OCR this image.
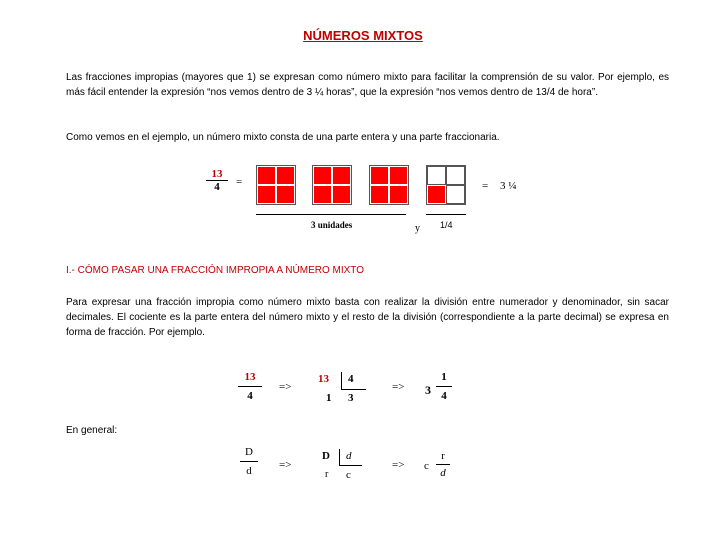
NÚMEROS MIXTOS
Las fracciones impropias (mayores que 1) se expresan como número mixto para facilitar la comprensión de su valor. Por ejemplo, es más fácil entender la expresión “nos vemos dentro de 3 ¼ horas”, que la expresión “nos vemos dentro de 13/4 de hora”.
Como vemos en el ejemplo, un número mixto consta de una parte entera y una parte fraccionaria.
$\frac{13}{4}$ =	= 3 ¼
3 unidades	y 1/4
I.- CÓMO PASAR UNA FRACCIÓN IMPROPIA A NÚMERO MIXTO
Para expresar una fracción impropia como número mixto basta con realizar la división entre numerador y denominador, sin sacar decimales. El cociente es la parte entera del número mixto y el resto de la división (correspondiente a la parte decimal) se expresa en forma de fracción. Por ejemplo.
$\frac{13}{4}$ =>
13 4
1 3
=> $3 \frac{1}{4}$
En general:
$\frac{D}{d}$ =>
D d
r c
=> c $\frac{r}{d}$
